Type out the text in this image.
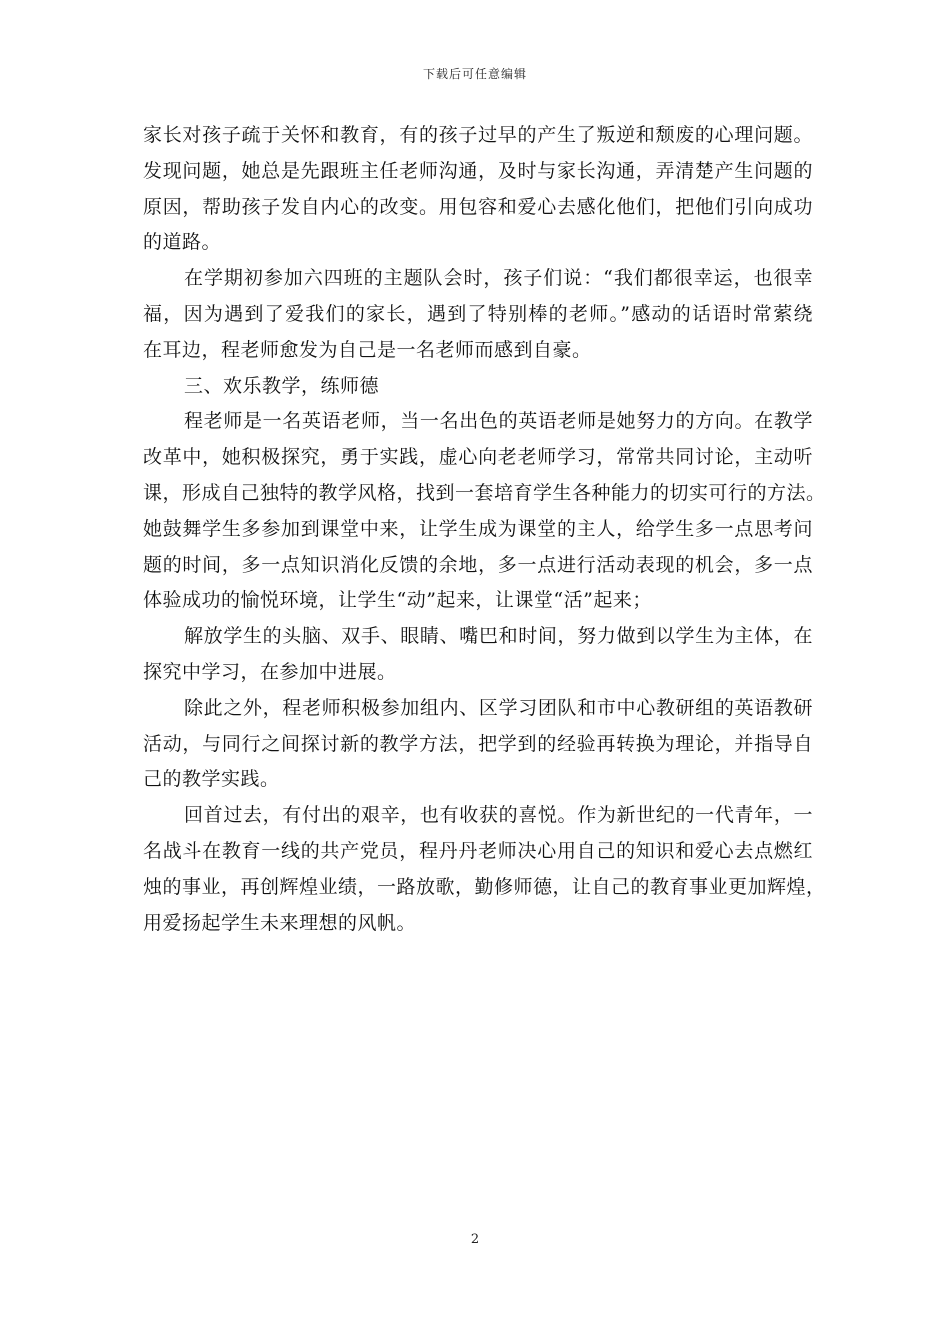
下载后可任意编辑
家长对孩子疏于关怀和教育，有的孩子过早的产生了叛逆和颓废的心理问题。
发现问题，她总是先跟班主任老师沟通，及时与家长沟通，弄清楚产生问题的
原因，帮助孩子发自内心的改变。用包容和爱心去感化他们，把他们引向成功
的道路。
在学期初参加六四班的主题队会时，孩子们说：“我们都很幸运，也很幸
福，因为遇到了爱我们的家长，遇到了特别棒的老师。”感动的话语时常萦绕
在耳边，程老师愈发为自己是一名老师而感到自豪。
三、欢乐教学，练师德
程老师是一名英语老师，当一名出色的英语老师是她努力的方向。在教学
改革中，她积极探究，勇于实践，虚心向老老师学习，常常共同讨论，主动听
课，形成自己独特的教学风格，找到一套培育学生各种能力的切实可行的方法。
她鼓舞学生多参加到课堂中来，让学生成为课堂的主人，给学生多一点思考问
题的时间，多一点知识消化反馈的余地，多一点进行活动表现的机会，多一点
体验成功的愉悦环境，让学生“动”起来，让课堂“活”起来；
解放学生的头脑、双手、眼睛、嘴巴和时间，努力做到以学生为主体，在
探究中学习，在参加中进展。
除此之外，程老师积极参加组内、区学习团队和市中心教研组的英语教研
活动，与同行之间探讨新的教学方法，把学到的经验再转换为理论，并指导自
己的教学实践。
回首过去，有付出的艰辛，也有收获的喜悦。作为新世纪的一代青年，一
名战斗在教育一线的共产党员，程丹丹老师决心用自己的知识和爱心去点燃红
烛的事业，再创辉煌业绩，一路放歌，勤修师德，让自己的教育事业更加辉煌，
用爱扬起学生未来理想的风帆。
2
